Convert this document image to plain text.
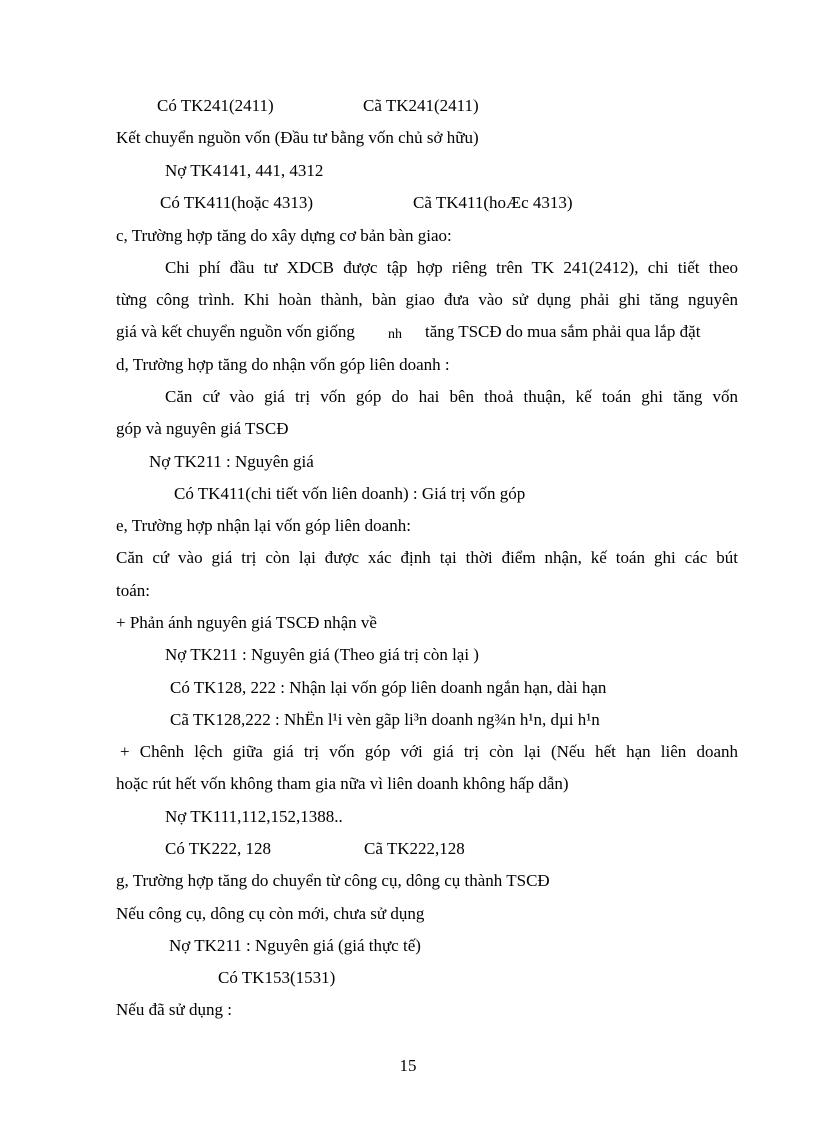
Có TK241(2411)	Cã TK241(2411)
Kết chuyển nguồn vốn (Đầu tư bằng vốn chủ sở hữu)
Nợ TK4141, 441, 4312
Có TK411(hoặc 4313)	Cã TK411(hoÆc 4313)
c, Trường hợp tăng do xây dựng cơ bản bàn giao:
Chi phí đầu tư XDCB được tập hợp riêng trên TK 241(2412), chi tiết theo
từng công trình. Khi hoàn thành, bàn giao đưa vào sử dụng phải ghi tăng nguyên
giá và kết chuyển nguồn vốn giống nh	tăng TSCĐ do mua sắm phải qua lắp đặt
d, Trường hợp tăng do nhận vốn góp liên doanh :
Căn cứ vào giá trị vốn góp do hai bên thoả thuận, kế toán ghi tăng vốn
góp và nguyên giá TSCĐ
Nợ TK211 : Nguyên giá
Có TK411(chi tiết vốn liên doanh) : Giá trị vốn góp
e, Trường hợp nhận lại vốn góp liên doanh:
Căn cứ vào giá trị còn lại được xác định tại thời điểm nhận, kế toán ghi các bút
toán:
+ Phản ánh nguyên giá TSCĐ nhận về
Nợ TK211 : Nguyên giá (Theo giá trị còn lại )
Có TK128, 222 : Nhận lại vốn góp liên doanh ngắn hạn, dài hạn
Cã TK128,222 : NhËn l¹i vèn gãp li³n doanh ng¾n h¹n, dµi h¹n
+ Chênh lệch giữa giá trị vốn góp với giá trị còn lại (Nếu hết hạn liên doanh
hoặc rút hết vốn không tham gia nữa vì liên doanh không hấp dẫn)
Nợ TK111,112,152,1388..
Có TK222, 128	Cã TK222,128
g, Trường hợp tăng do chuyển từ công cụ, dông cụ thành TSCĐ
Nếu công cụ, dông cụ còn mới, chưa sử dụng
Nợ TK211 : Nguyên giá (giá thực tế)
Có TK153(1531)
Nếu đã sử dụng :
15
